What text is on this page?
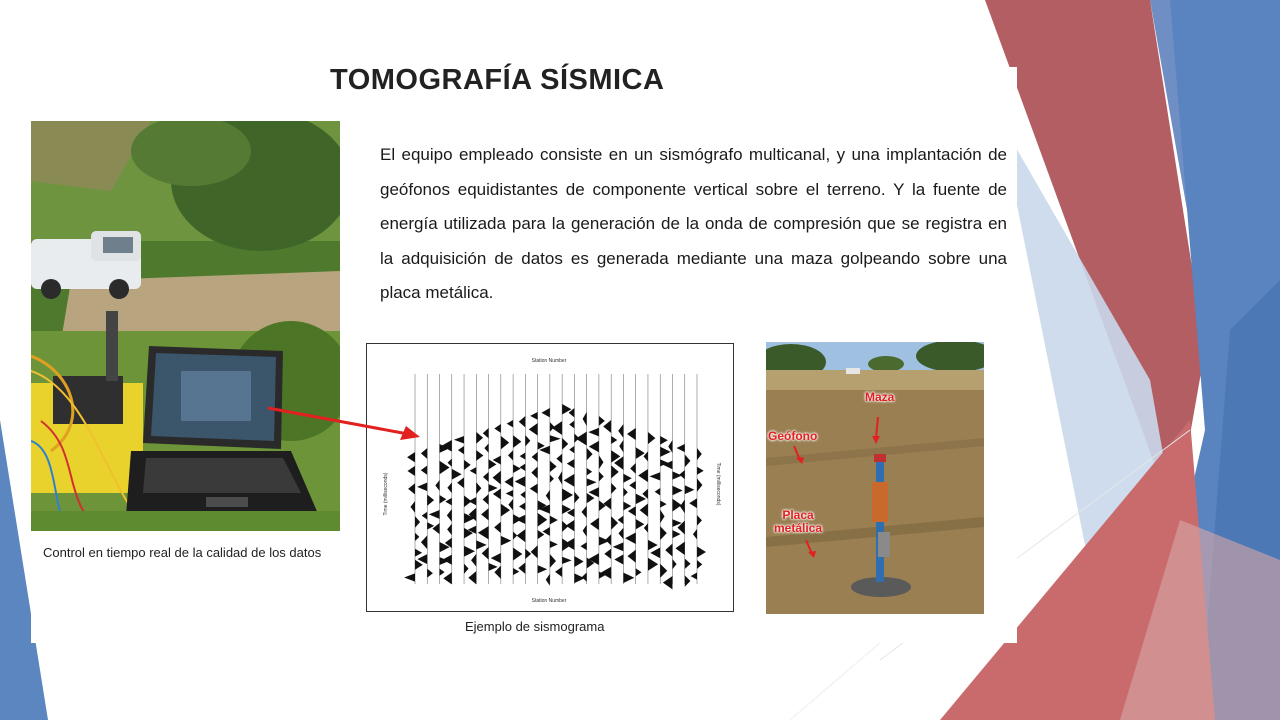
TOMOGRAFÍA SÍSMICA
El equipo empleado consiste en un sismógrafo multicanal, y una implantación de geófonos equidistantes de componente vertical sobre el terreno. Y la fuente de energía utilizada para la generación de la onda de compresión que se registra en la adquisición de datos es generada mediante una maza golpeando sobre una placa metálica.
Control en tiempo real de la calidad de los datos
Station Number
Station Number
Time (milliseconds)	Time (milliseconds)
Ejemplo de sismograma
Maza
Geófono
Placa metálica
